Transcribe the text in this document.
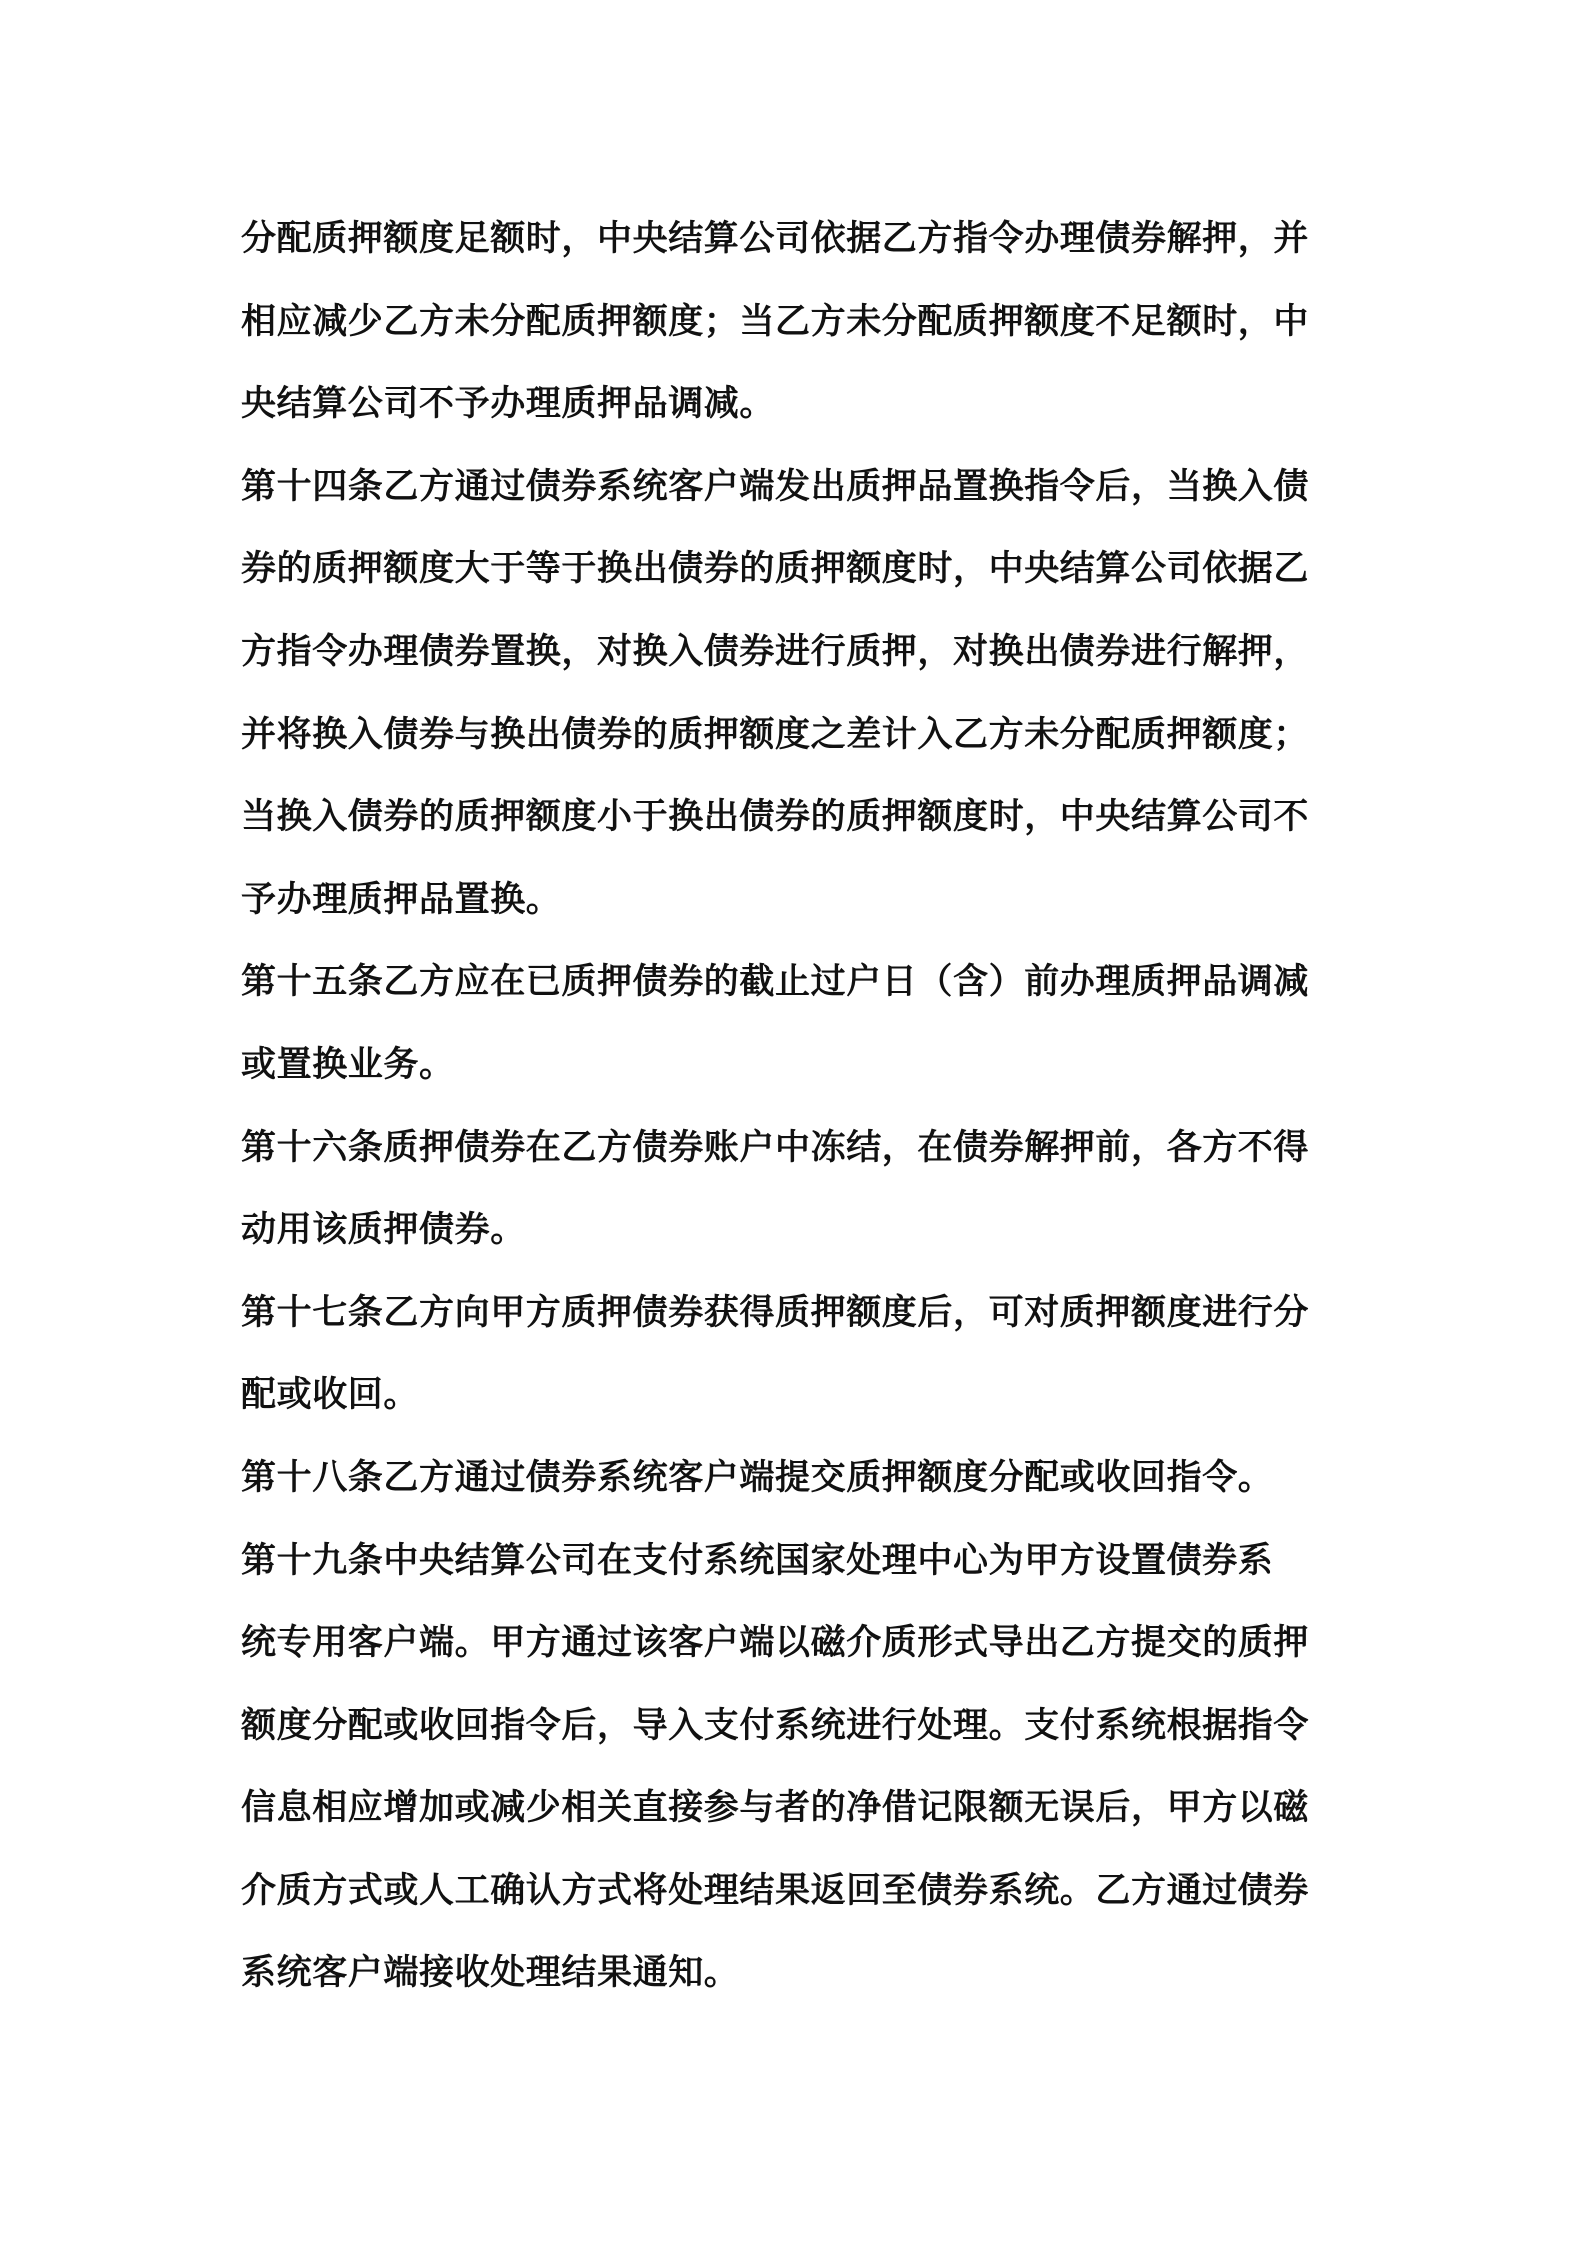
分配质押额度足额时，中央结算公司依据乙方指令办理债券解押，并
相应减少乙方未分配质押额度；当乙方未分配质押额度不足额时，中
央结算公司不予办理质押品调减。
第十四条乙方通过债券系统客户端发出质押品置换指令后，当换入债
券的质押额度大于等于换出债券的质押额度时，中央结算公司依据乙
方指令办理债券置换，对换入债券进行质押，对换出债券进行解押，
并将换入债券与换出债券的质押额度之差计入乙方未分配质押额度；
当换入债券的质押额度小于换出债券的质押额度时，中央结算公司不
予办理质押品置换。
第十五条乙方应在已质押债券的截止过户日（含）前办理质押品调减
或置换业务。
第十六条质押债券在乙方债券账户中冻结，在债券解押前，各方不得
动用该质押债券。
第十七条乙方向甲方质押债券获得质押额度后，可对质押额度进行分
配或收回。
第十八条乙方通过债券系统客户端提交质押额度分配或收回指令。
第十九条中央结算公司在支付系统国家处理中心为甲方设置债券系
统专用客户端。甲方通过该客户端以磁介质形式导出乙方提交的质押
额度分配或收回指令后，导入支付系统进行处理。支付系统根据指令
信息相应增加或减少相关直接参与者的净借记限额无误后，甲方以磁
介质方式或人工确认方式将处理结果返回至债券系统。乙方通过债券
系统客户端接收处理结果通知。
